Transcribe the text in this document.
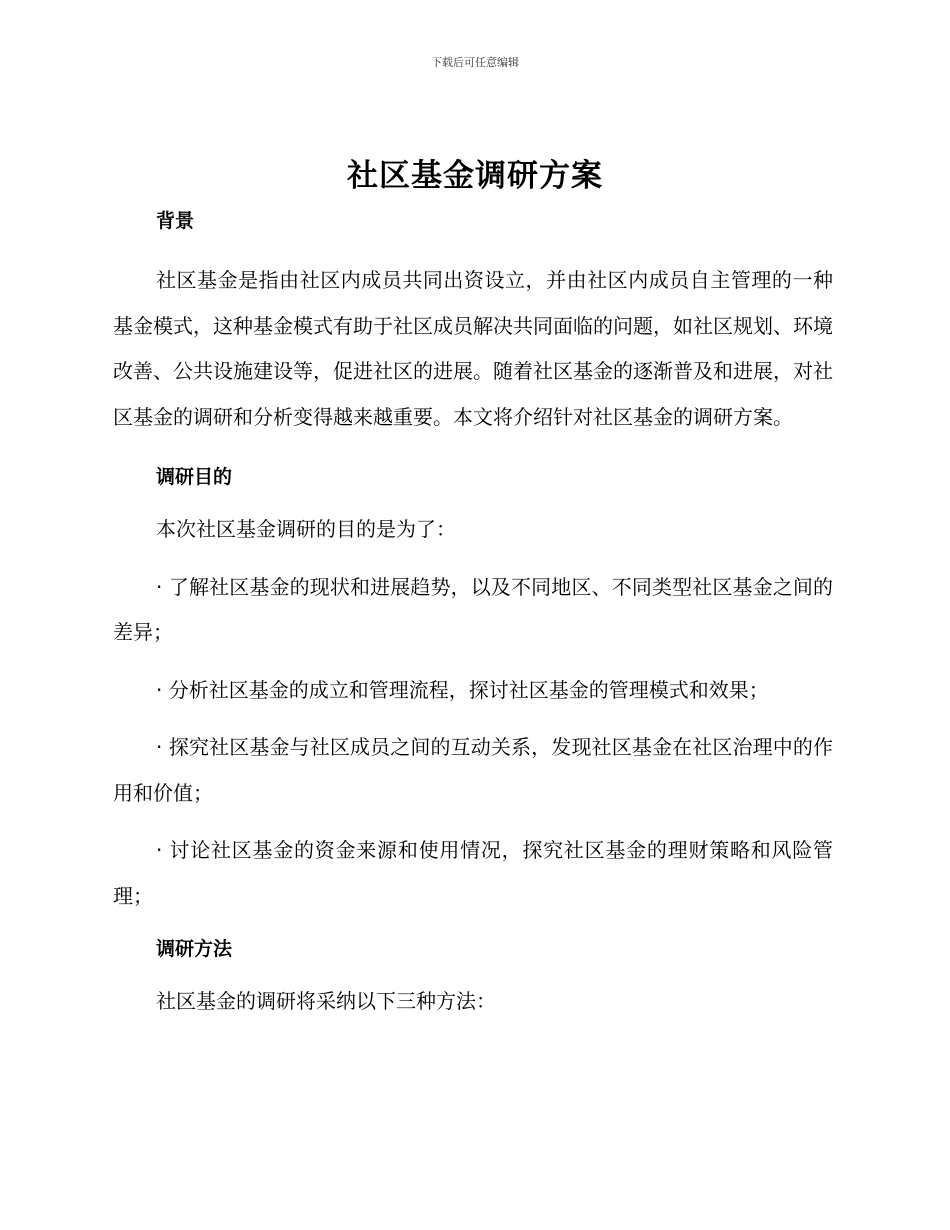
下载后可任意编辑
社区基金调研方案
背景

社区基金是指由社区内成员共同出资设立，并由社区内成员自主管理的一种基金模式，这种基金模式有助于社区成员解决共同面临的问题，如社区规划、环境改善、公共设施建设等，促进社区的进展。随着社区基金的逐渐普及和进展，对社区基金的调研和分析变得越来越重要。本文将介绍针对社区基金的调研方案。

调研目的

本次社区基金调研的目的是为了：

· 了解社区基金的现状和进展趋势，以及不同地区、不同类型社区基金之间的差异；

· 分析社区基金的成立和管理流程，探讨社区基金的管理模式和效果；

· 探究社区基金与社区成员之间的互动关系，发现社区基金在社区治理中的作用和价值；

· 讨论社区基金的资金来源和使用情况，探究社区基金的理财策略和风险管理；

调研方法

社区基金的调研将采纳以下三种方法：
